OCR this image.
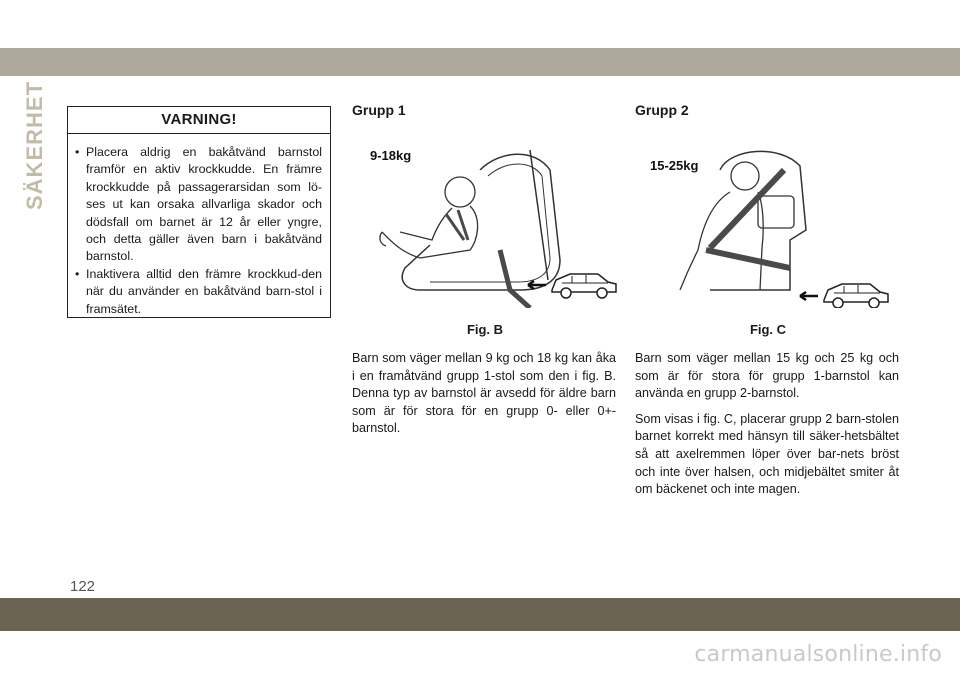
SÄKERHET	VARNING!
• Placera aldrig en bakåtvänd barnstol framför en aktiv krockkudde. En främre krockkudde på passagerarsidan som lö-ses ut kan orsaka allvarliga skador och dödsfall om barnet är 12 år eller yngre, och detta gäller även barn i bakåtvänd barnstol.
• Inaktivera alltid den främre krockkud-den när du använder en bakåtvänd barn-stol i framsätet.
Grupp 1
9-18kg
Fig. B

Barn som väger mellan 9 kg och 18 kg kan åka i en framåtvänd grupp 1-stol som den i fig. B. Denna typ av barnstol är avsedd för äldre barn som är för stora för en grupp 0- eller 0+-barnstol.

Grupp 2
15-25kg
Fig. C

Barn som väger mellan 15 kg och 25 kg och som är för stora för grupp 1-barnstol kan använda en grupp 2-barnstol.

Som visas i fig. C, placerar grupp 2 barn-stolen barnet korrekt med hänsyn till säker-hetsbältet så att axelremmen löper över bar-nets bröst och inte över halsen, och midjebältet smiter åt om bäckenet och inte magen.

122
carmanualsonline.info
